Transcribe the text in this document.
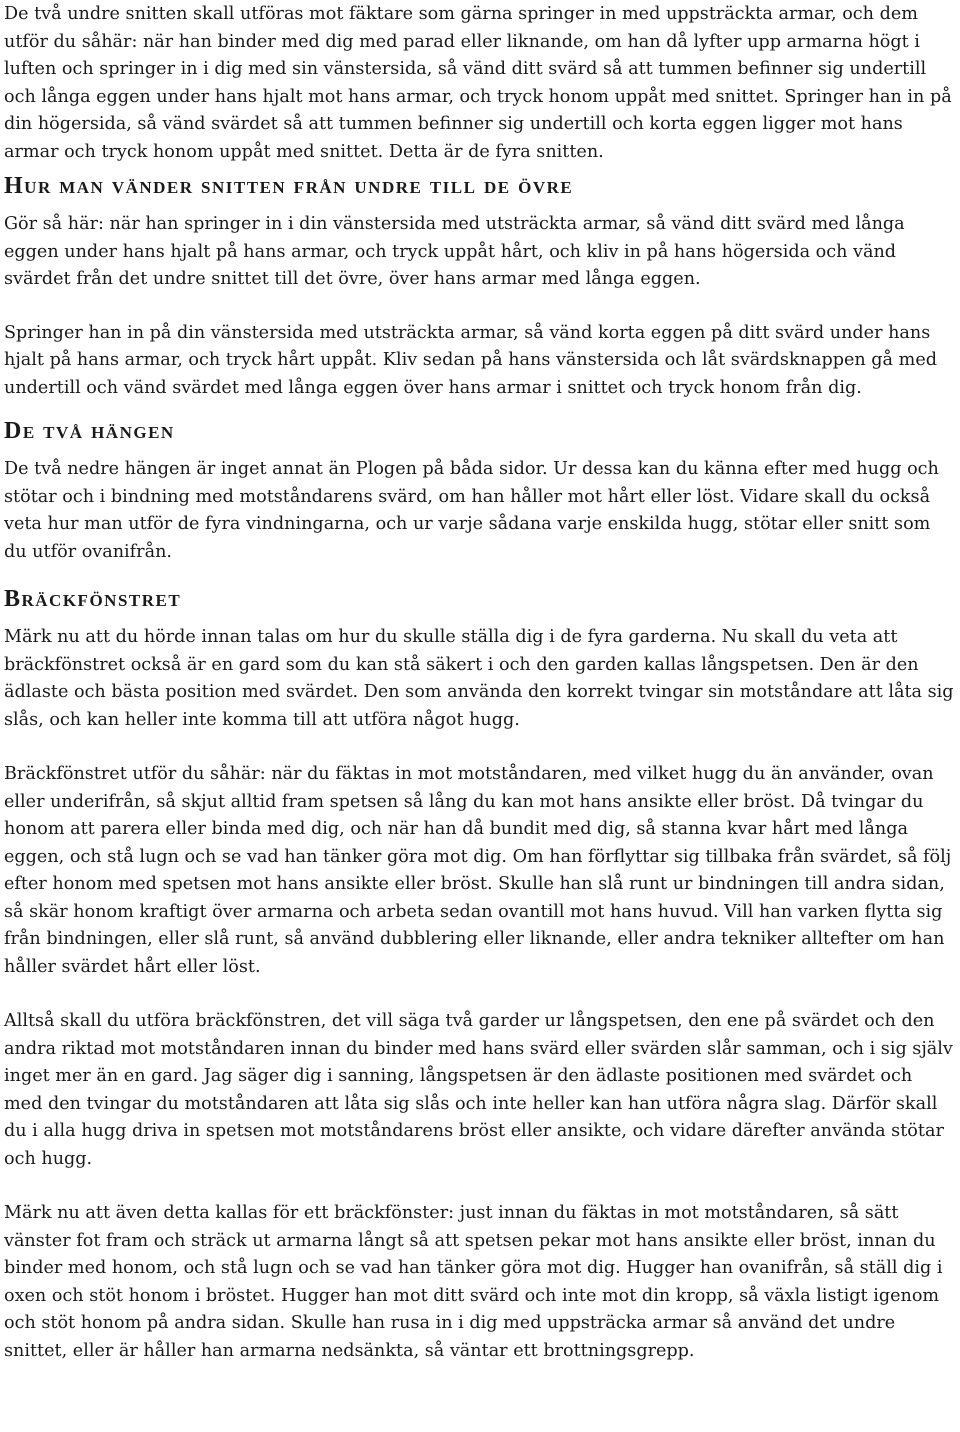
De två undre snitten skall utföras mot fäktare som gärna springer in med uppsträckta armar, och dem utför du såhär: när han binder med dig med parad eller liknande, om han då lyfter upp armarna högt i luften och springer in i dig med sin vänstersida, så vänd ditt svärd så att tummen befinner sig undertill och långa eggen under hans hjalt mot hans armar, och tryck honom uppåt med snittet. Springer han in på din högersida, så vänd svärdet så att tummen befinner sig undertill och korta eggen ligger mot hans armar och tryck honom uppåt med snittet. Detta är de fyra snitten.

Hur man vänder snitten från undre till de övre

Gör så här: när han springer in i din vänstersida med utsträckta armar, så vänd ditt svärd med långa eggen under hans hjalt på hans armar, och tryck uppåt hårt, och kliv in på hans högersida och vänd svärdet från det undre snittet till det övre, över hans armar med långa eggen.

Springer han in på din vänstersida med utsträckta armar, så vänd korta eggen på ditt svärd under hans hjalt på hans armar, och tryck hårt uppåt. Kliv sedan på hans vänstersida och låt svärdsknappen gå med undertill och vänd svärdet med långa eggen över hans armar i snittet och tryck honom från dig.

De två hängen

De två nedre hängen är inget annat än Plogen på båda sidor. Ur dessa kan du känna efter med hugg och stötar och i bindning med motståndarens svärd, om han håller mot hårt eller löst. Vidare skall du också veta hur man utför de fyra vindningarna, och ur varje sådana varje enskilda hugg, stötar eller snitt som du utför ovanifrån.

Bräckfönstret

Märk nu att du hörde innan talas om hur du skulle ställa dig i de fyra garderna. Nu skall du veta att bräckfönstret också är en gard som du kan stå säkert i och den garden kallas långspetsen. Den är den ädlaste och bästa position med svärdet. Den som använda den korrekt tvingar sin motståndare att låta sig slås, och kan heller inte komma till att utföra något hugg.

Bräckfönstret utför du såhär: när du fäktas in mot motståndaren, med vilket hugg du än använder, ovan eller underifrån, så skjut alltid fram spetsen så lång du kan mot hans ansikte eller bröst. Då tvingar du honom att parera eller binda med dig, och när han då bundit med dig, så stanna kvar hårt med långa eggen, och stå lugn och se vad han tänker göra mot dig. Om han förflyttar sig tillbaka från svärdet, så följ efter honom med spetsen mot hans ansikte eller bröst. Skulle han slå runt ur bindningen till andra sidan, så skär honom kraftigt över armarna och arbeta sedan ovantill mot hans huvud. Vill han varken flytta sig från bindningen, eller slå runt, så använd dubblering eller liknande, eller andra tekniker alltefter om han håller svärdet hårt eller löst.

Alltså skall du utföra bräckfönstren, det vill säga två garder ur långspetsen, den ene på svärdet och den andra riktad mot motståndaren innan du binder med hans svärd eller svärden slår samman, och i sig själv inget mer än en gard. Jag säger dig i sanning, långspetsen är den ädlaste positionen med svärdet och med den tvingar du motståndaren att låta sig slås och inte heller kan han utföra några slag. Därför skall du i alla hugg driva in spetsen mot motståndarens bröst eller ansikte, och vidare därefter använda stötar och hugg.

Märk nu att även detta kallas för ett bräckfönster: just innan du fäktas in mot motståndaren, så sätt vänster fot fram och sträck ut armarna långt så att spetsen pekar mot hans ansikte eller bröst, innan du binder med honom, och stå lugn och se vad han tänker göra mot dig. Hugger han ovanifrån, så ställ dig i oxen och stöt honom i bröstet. Hugger han mot ditt svärd och inte mot din kropp, så växla listigt igenom och stöt honom på andra sidan. Skulle han rusa in i dig med uppsträcka armar så använd det undre snittet, eller är håller han armarna nedsänkta, så väntar ett brottningsgrepp.
